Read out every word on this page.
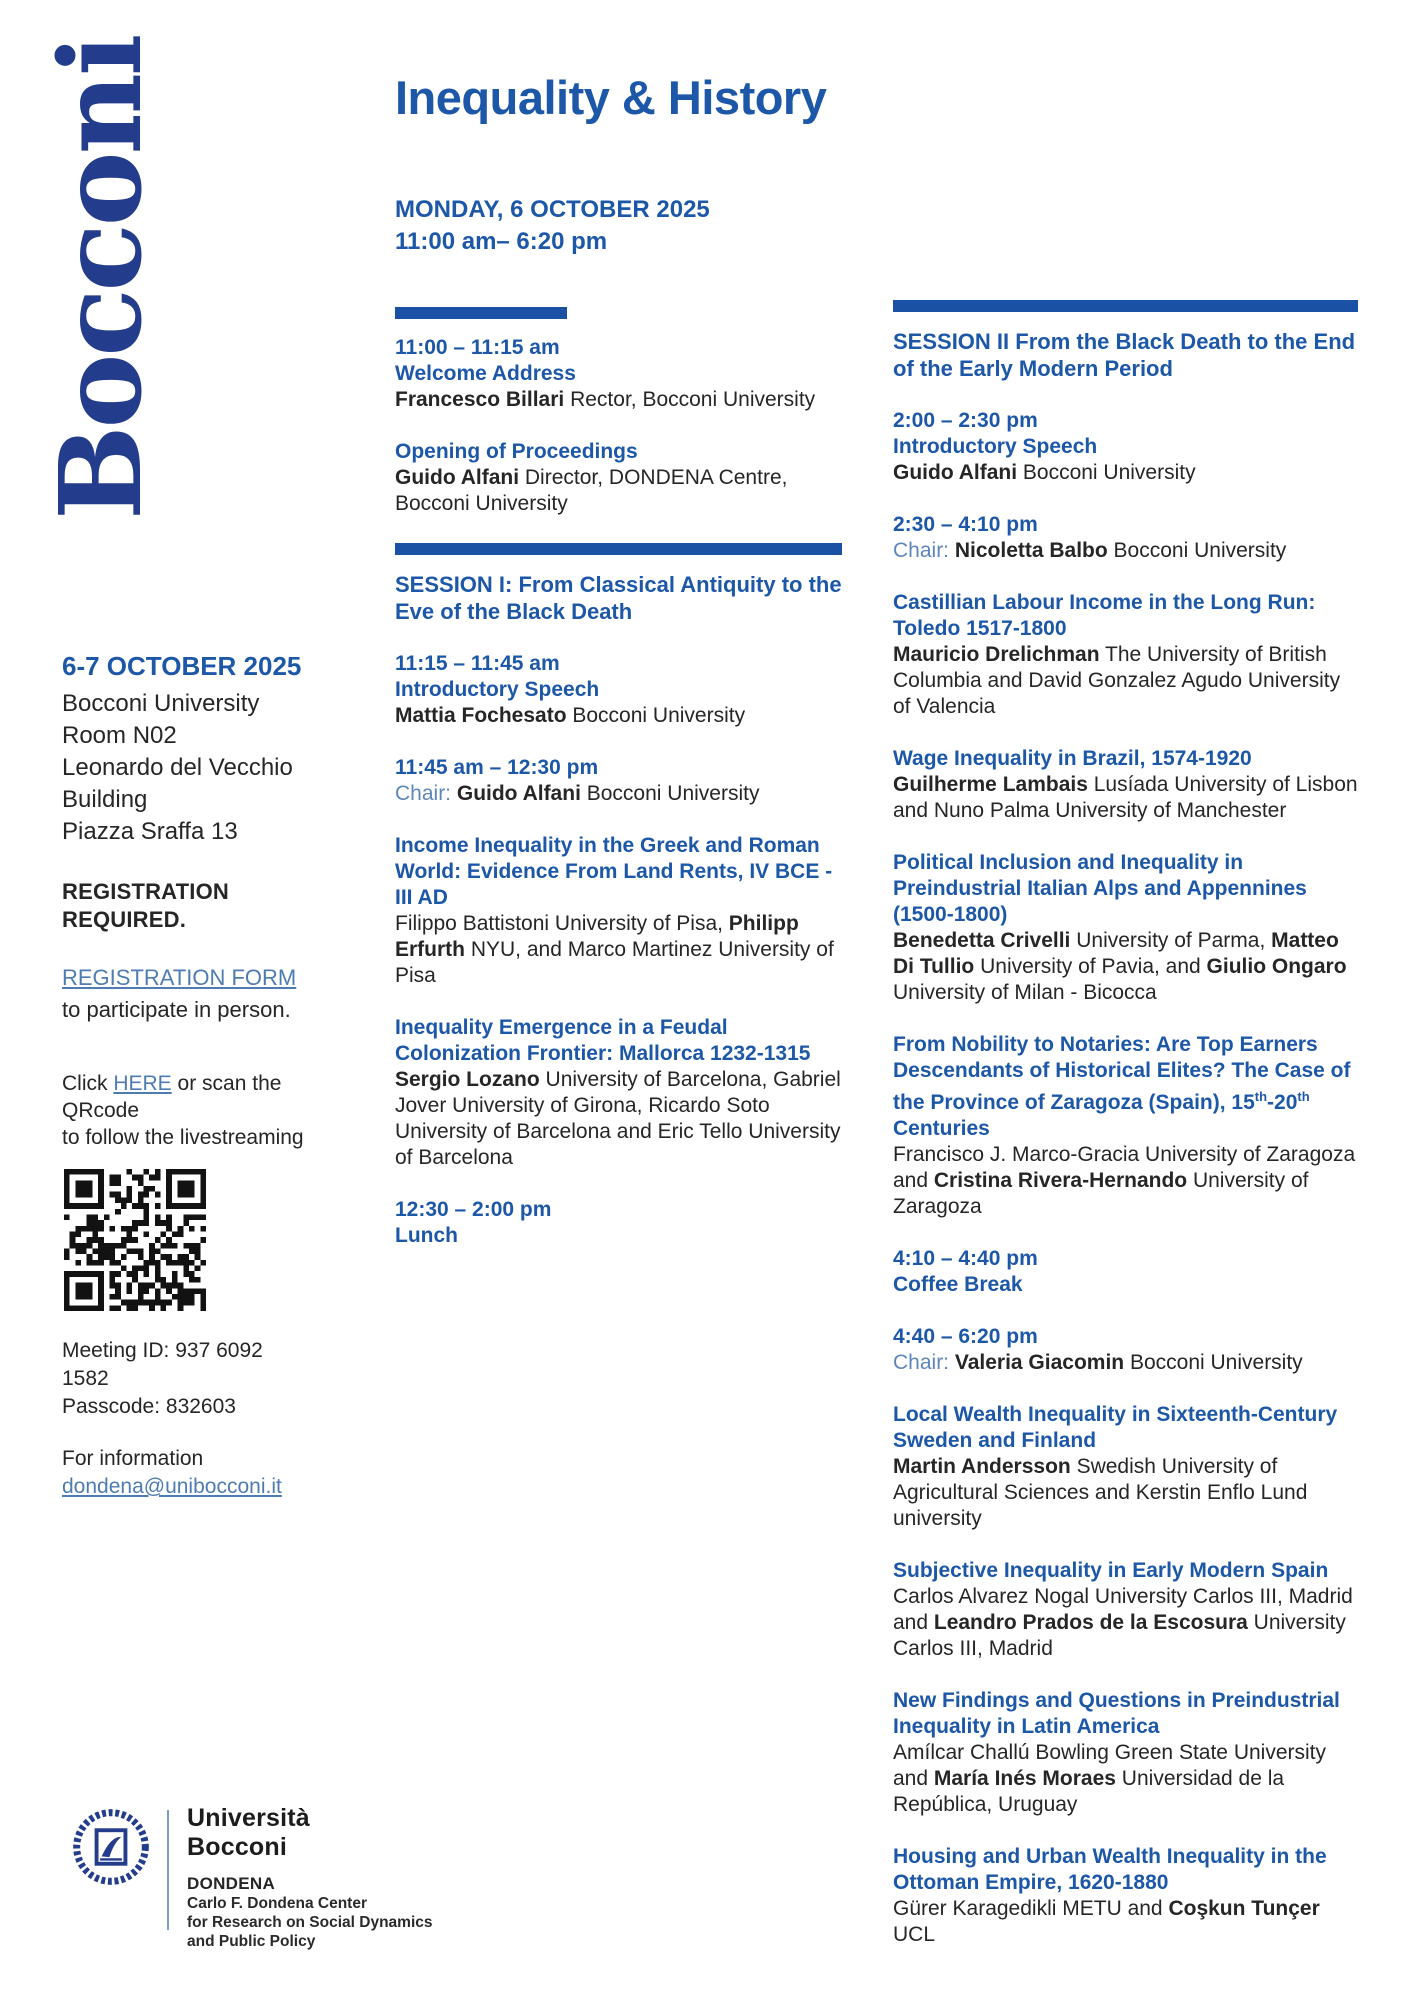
Bocconi	Inequality & History
MONDAY, 6 OCTOBER 2025
11:00 am– 6:20 pm
6-7 OCTOBER 2025
Bocconi University
Room N02
Leonardo del Vecchio
Building
Piazza Sraffa 13
REGISTRATION REQUIRED.
REGISTRATION FORM
to participate in person.
Click HERE or scan the QRcode
to follow the livestreaming
Meeting ID: 937 6092 1582
Passcode: 832603
For information
dondena@unibocconi.it
11:00 – 11:15 am
Welcome Address
Francesco Billari Rector, Bocconi University
Opening of Proceedings
Guido Alfani Director, DONDENA Centre, Bocconi University
SESSION I: From Classical Antiquity to the Eve of the Black Death
11:15 – 11:45 am
Introductory Speech
Mattia Fochesato Bocconi University
11:45 am – 12:30 pm
Chair: Guido Alfani Bocconi University
Income Inequality in the Greek and Roman World: Evidence From Land Rents, IV BCE - III AD
Filippo Battistoni University of Pisa, Philipp Erfurth NYU, and Marco Martinez University of Pisa
Inequality Emergence in a Feudal Colonization Frontier: Mallorca 1232-1315
Sergio Lozano University of Barcelona, Gabriel Jover University of Girona, Ricardo Soto University of Barcelona and Eric Tello University of Barcelona
12:30 – 2:00 pm
Lunch
SESSION II From the Black Death to the End of the Early Modern Period
2:00 – 2:30 pm
Introductory Speech
Guido Alfani Bocconi University
2:30 – 4:10 pm
Chair: Nicoletta Balbo Bocconi University
Castillian Labour Income in the Long Run: Toledo 1517-1800
Mauricio Drelichman The University of British Columbia and David Gonzalez Agudo University of Valencia
Wage Inequality in Brazil, 1574-1920
Guilherme Lambais Lusíada University of Lisbon and Nuno Palma University of Manchester
Political Inclusion and Inequality in Preindustrial Italian Alps and Appennines (1500-1800)
Benedetta Crivelli University of Parma, Matteo Di Tullio University of Pavia, and Giulio Ongaro University of Milan - Bicocca
From Nobility to Notaries: Are Top Earners Descendants of Historical Elites? The Case of the Province of Zaragoza (Spain), 15th-20th Centuries
Francisco J. Marco-Gracia University of Zaragoza and Cristina Rivera-Hernando University of Zaragoza
4:10 – 4:40 pm
Coffee Break
4:40 – 6:20 pm
Chair: Valeria Giacomin Bocconi University
Local Wealth Inequality in Sixteenth-Century Sweden and Finland
Martin Andersson Swedish University of Agricultural Sciences and Kerstin Enflo Lund university
Subjective Inequality in Early Modern Spain
Carlos Alvarez Nogal University Carlos III, Madrid and Leandro Prados de la Escosura University Carlos III, Madrid
New Findings and Questions in Preindustrial Inequality in Latin America
Amílcar Challú Bowling Green State University and María Inés Moraes Universidad de la República, Uruguay
Housing and Urban Wealth Inequality in the Ottoman Empire, 1620-1880
Gürer Karagedikli METU and Coşkun Tunçer UCL
Università
Bocconi
DONDENA
Carlo F. Dondena Center
for Research on Social Dynamics
and Public Policy
